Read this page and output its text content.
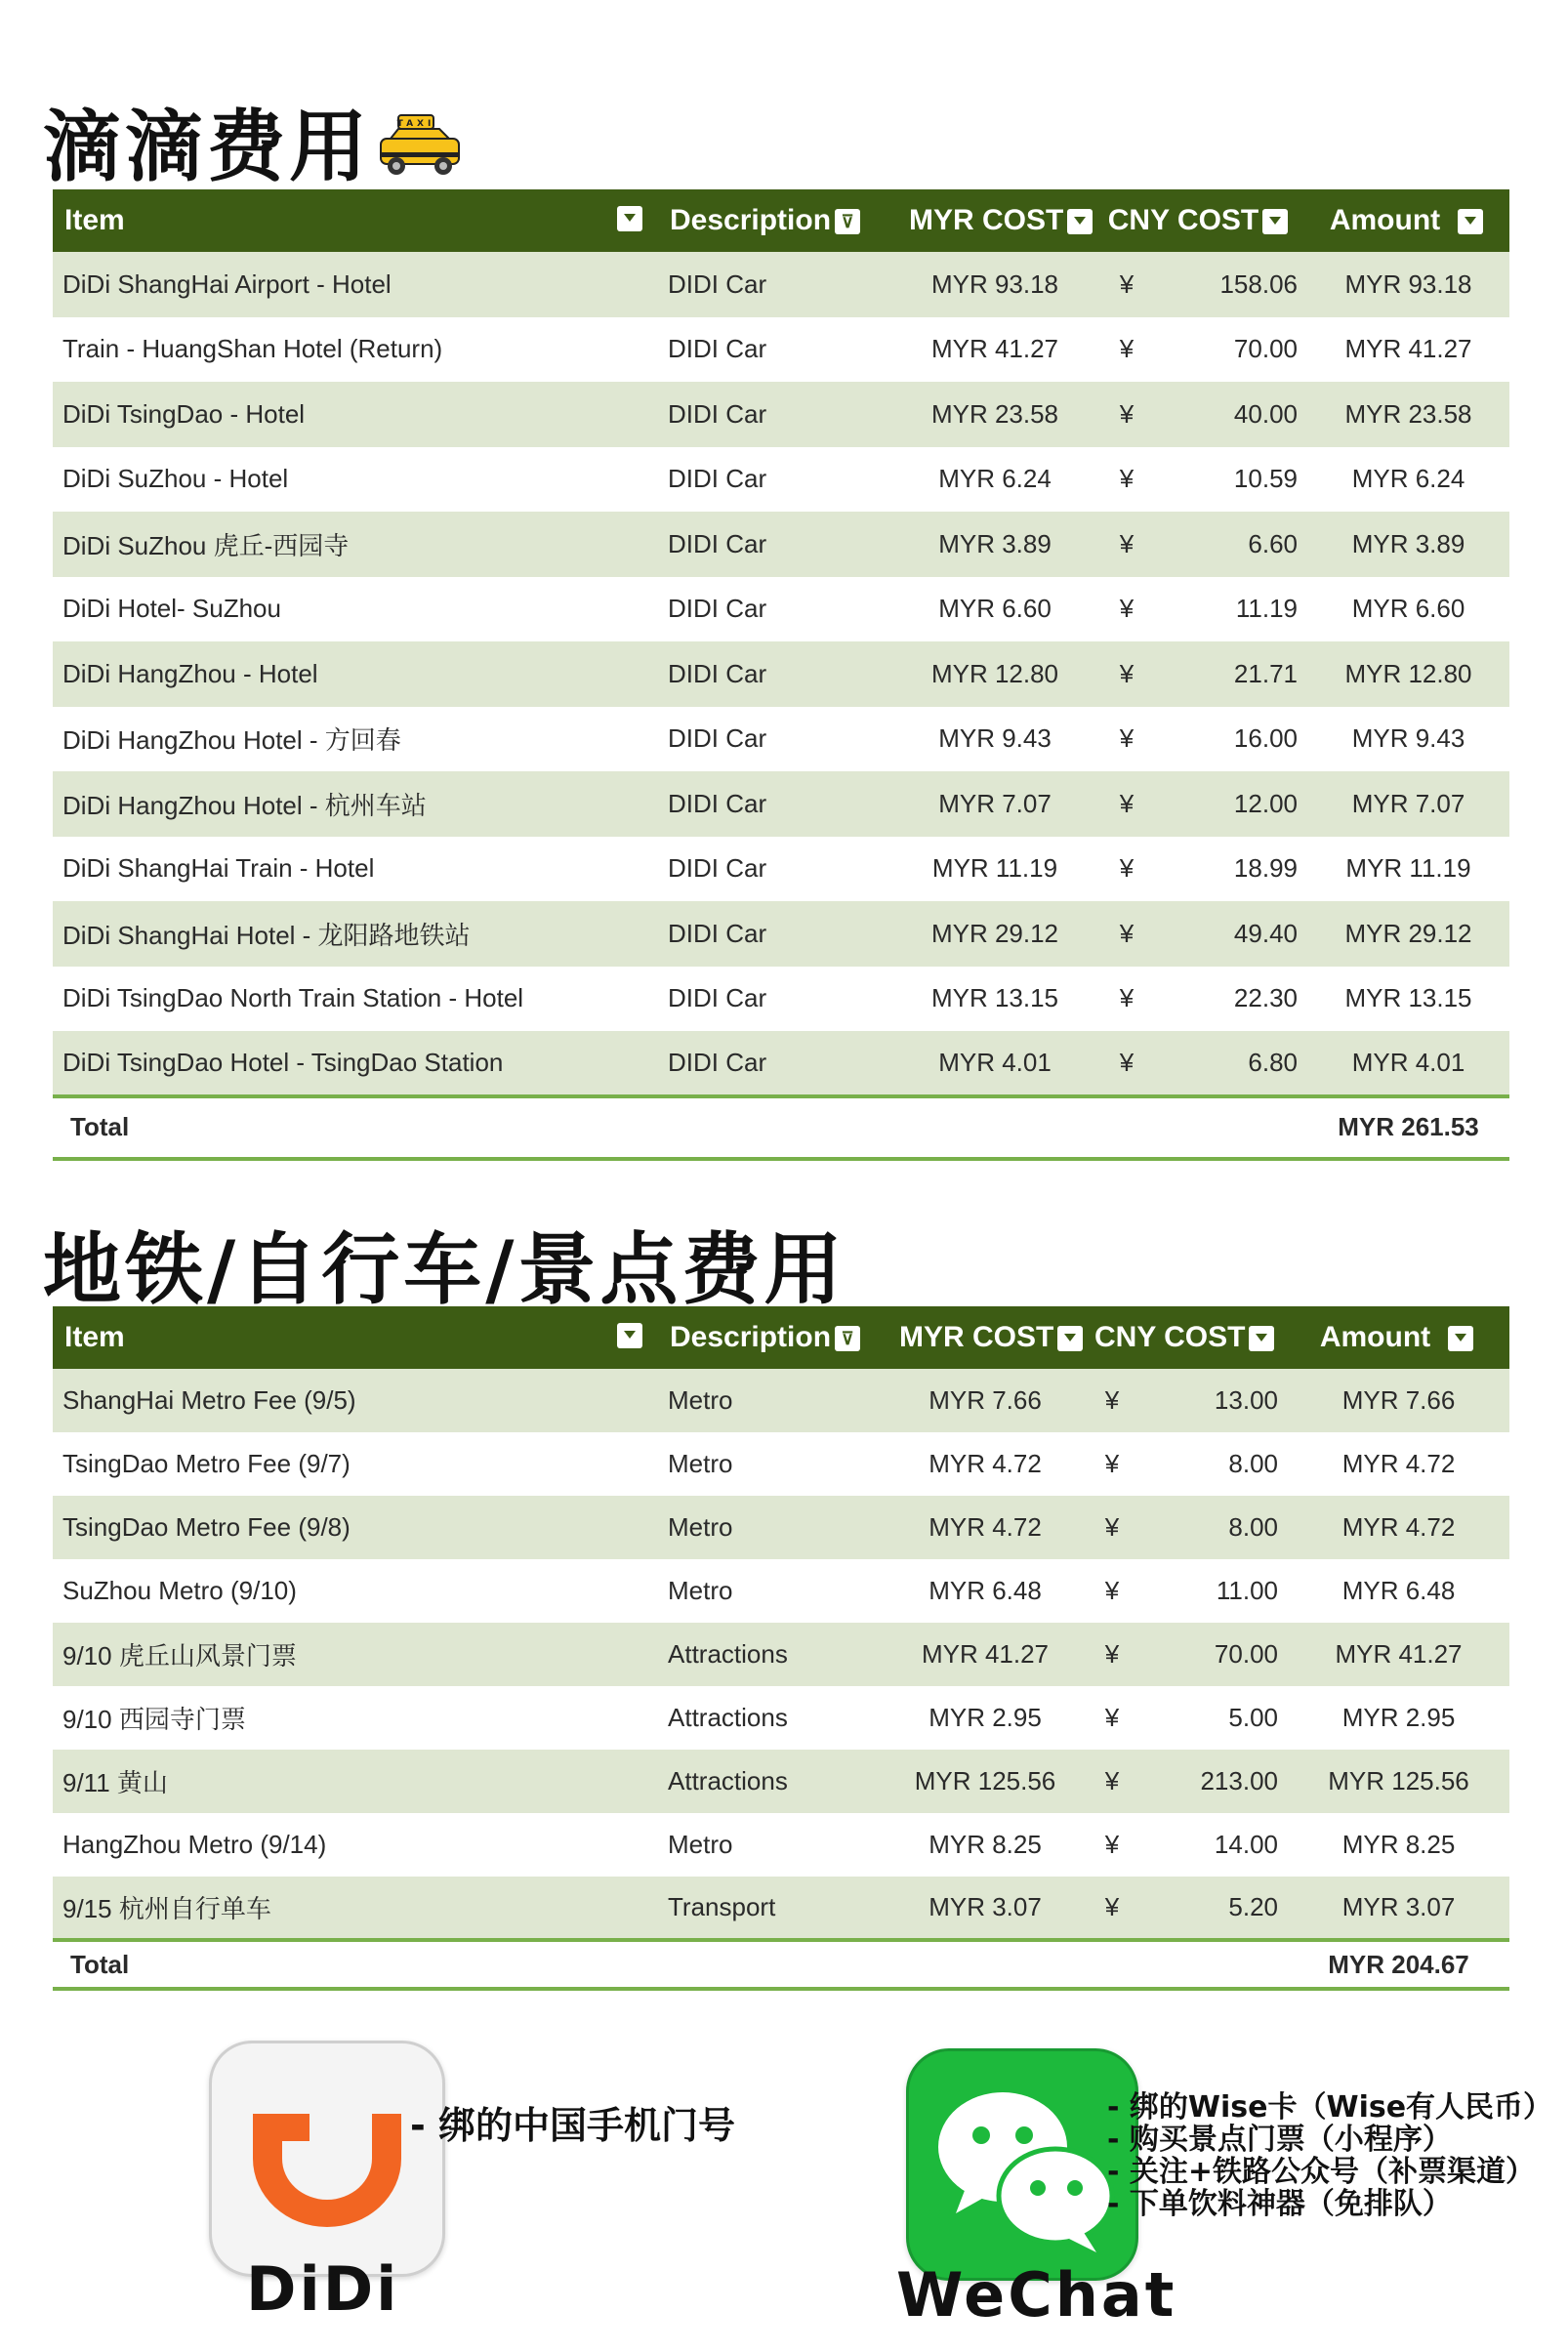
滴滴费用	TAXI
Item	Description⊽	MYR COST	CNY COST		Amount
DiDi ShangHai Airport - Hotel	DIDI Car	MYR 93.18	¥	158.06	MYR 93.18
Train - HuangShan Hotel (Return)	DIDI Car	MYR 41.27	¥	70.00	MYR 41.27
DiDi TsingDao - Hotel	DIDI Car	MYR 23.58	¥	40.00	MYR 23.58
DiDi SuZhou - Hotel	DIDI Car	MYR 6.24	¥	10.59	MYR 6.24
DiDi SuZhou 虎丘-西园寺	DIDI Car	MYR 3.89	¥	6.60	MYR 3.89
DiDi Hotel- SuZhou	DIDI Car	MYR 6.60	¥	11.19	MYR 6.60
DiDi HangZhou - Hotel	DIDI Car	MYR 12.80	¥	21.71	MYR 12.80
DiDi HangZhou Hotel - 方回春	DIDI Car	MYR 9.43	¥	16.00	MYR 9.43
DiDi HangZhou Hotel - 杭州车站	DIDI Car	MYR 7.07	¥	12.00	MYR 7.07
DiDi ShangHai Train - Hotel	DIDI Car	MYR 11.19	¥	18.99	MYR 11.19
DiDi ShangHai Hotel - 龙阳路地铁站	DIDI Car	MYR 29.12	¥	49.40	MYR 29.12
DiDi TsingDao North Train Station - Hotel	DIDI Car	MYR 13.15	¥	22.30	MYR 13.15
DiDi TsingDao Hotel - TsingDao Station	DIDI Car	MYR 4.01	¥	6.80	MYR 4.01
Total					MYR 261.53
地铁/自行车/景点费用
Item	Description⊽	MYR COST	CNY COST		Amount
ShangHai Metro Fee (9/5)	Metro	MYR 7.66	¥	13.00	MYR 7.66
TsingDao Metro Fee (9/7)	Metro	MYR 4.72	¥	8.00	MYR 4.72
TsingDao Metro Fee (9/8)	Metro	MYR 4.72	¥	8.00	MYR 4.72
SuZhou Metro (9/10)	Metro	MYR 6.48	¥	11.00	MYR 6.48
9/10 虎丘山风景门票	Attractions	MYR 41.27	¥	70.00	MYR 41.27
9/10 西园寺门票	Attractions	MYR 2.95	¥	5.00	MYR 2.95
9/11 黄山	Attractions	MYR 125.56	¥	213.00	MYR 125.56
HangZhou Metro (9/14)	Metro	MYR 8.25	¥	14.00	MYR 8.25
9/15 杭州自行单车	Transport	MYR 3.07	¥	5.20	MYR 3.07
Total					MYR 204.67
DiDi
- 绑的中国手机门号
WeChat
- 绑的Wise卡（Wise有人民币）
- 购买景点门票（小程序）
- 关注+铁路公众号（补票渠道）
- 下单饮料神器（免排队）
